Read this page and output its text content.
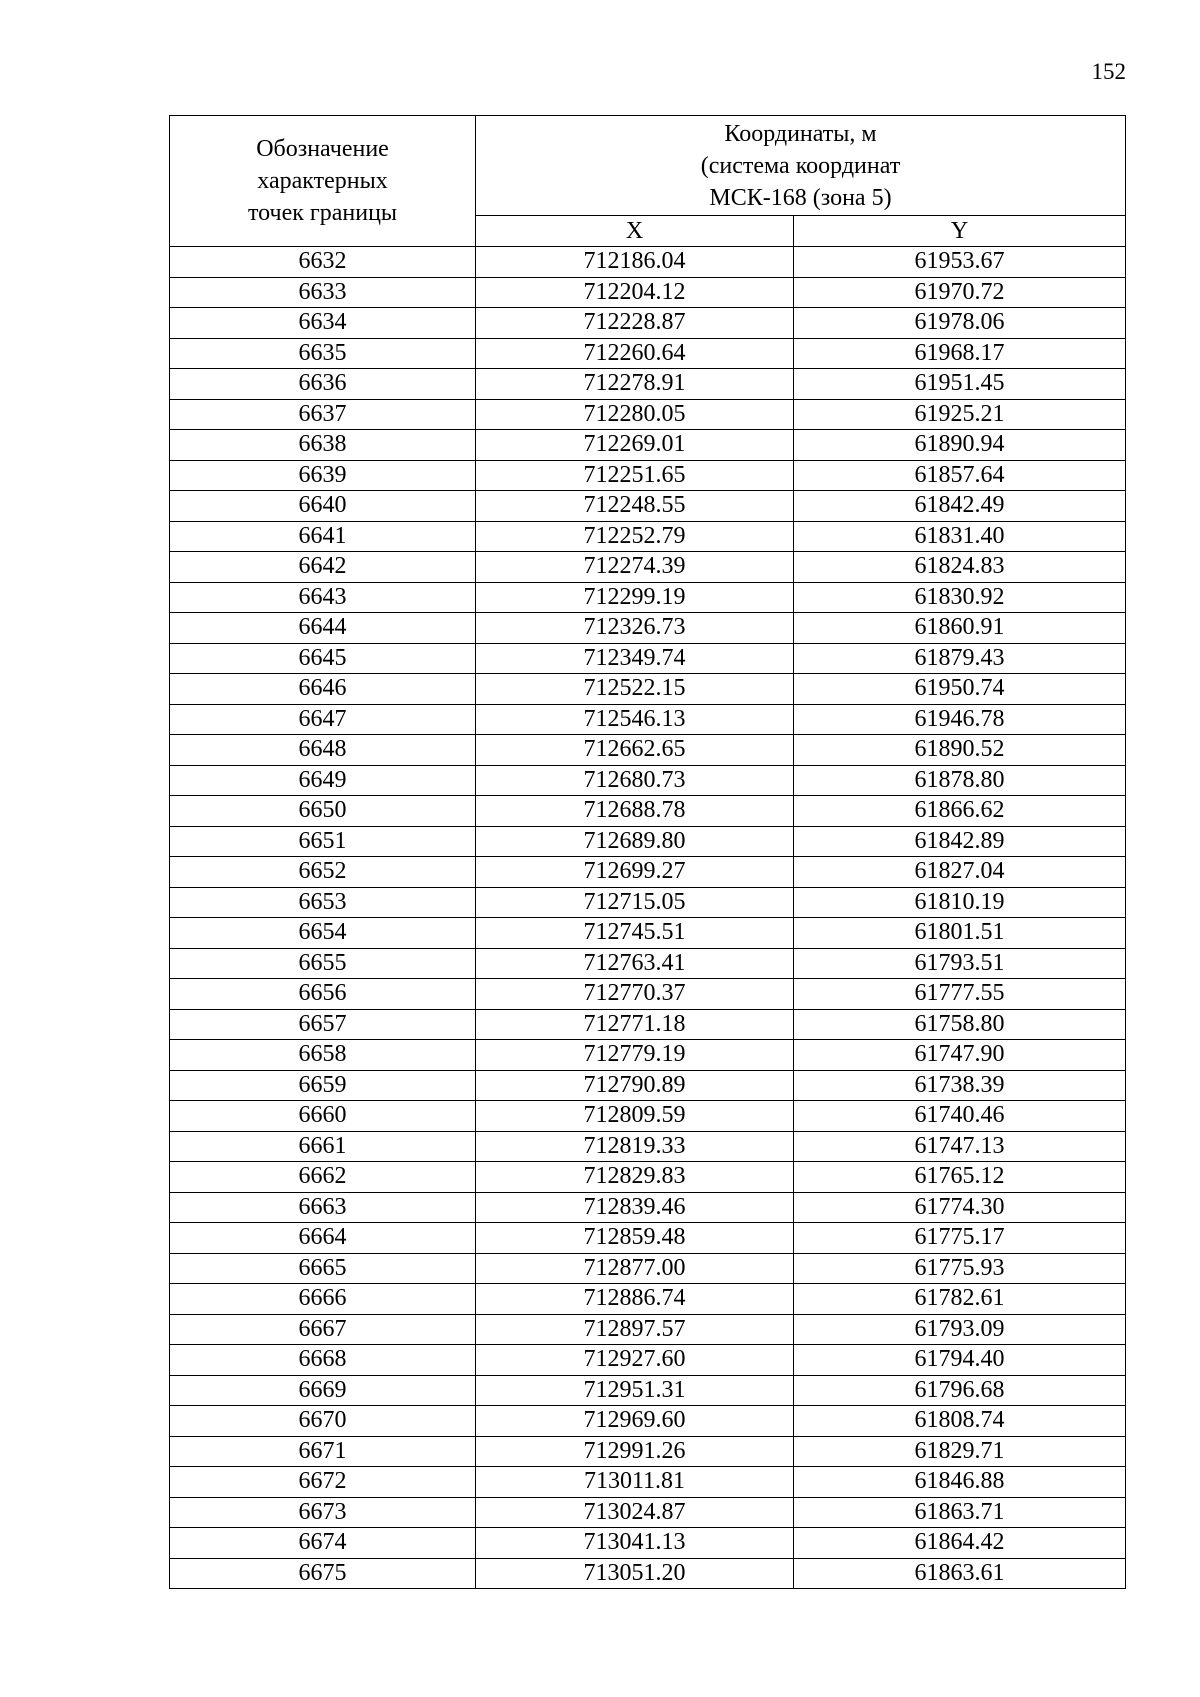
152
Обозначение
характерных
точек границы	Координаты, м
(система координат
МСК-168 (зона 5)	

	X	Y
6632	712186.04	61953.67
6633	712204.12	61970.72
6634	712228.87	61978.06
6635	712260.64	61968.17
6636	712278.91	61951.45
6637	712280.05	61925.21
6638	712269.01	61890.94
6639	712251.65	61857.64
6640	712248.55	61842.49
6641	712252.79	61831.40
6642	712274.39	61824.83
6643	712299.19	61830.92
6644	712326.73	61860.91
6645	712349.74	61879.43
6646	712522.15	61950.74
6647	712546.13	61946.78
6648	712662.65	61890.52
6649	712680.73	61878.80
6650	712688.78	61866.62
6651	712689.80	61842.89
6652	712699.27	61827.04
6653	712715.05	61810.19
6654	712745.51	61801.51
6655	712763.41	61793.51
6656	712770.37	61777.55
6657	712771.18	61758.80
6658	712779.19	61747.90
6659	712790.89	61738.39
6660	712809.59	61740.46
6661	712819.33	61747.13
6662	712829.83	61765.12
6663	712839.46	61774.30
6664	712859.48	61775.17
6665	712877.00	61775.93
6666	712886.74	61782.61
6667	712897.57	61793.09
6668	712927.60	61794.40
6669	712951.31	61796.68
6670	712969.60	61808.74
6671	712991.26	61829.71
6672	713011.81	61846.88
6673	713024.87	61863.71
6674	713041.13	61864.42
6675	713051.20	61863.61
